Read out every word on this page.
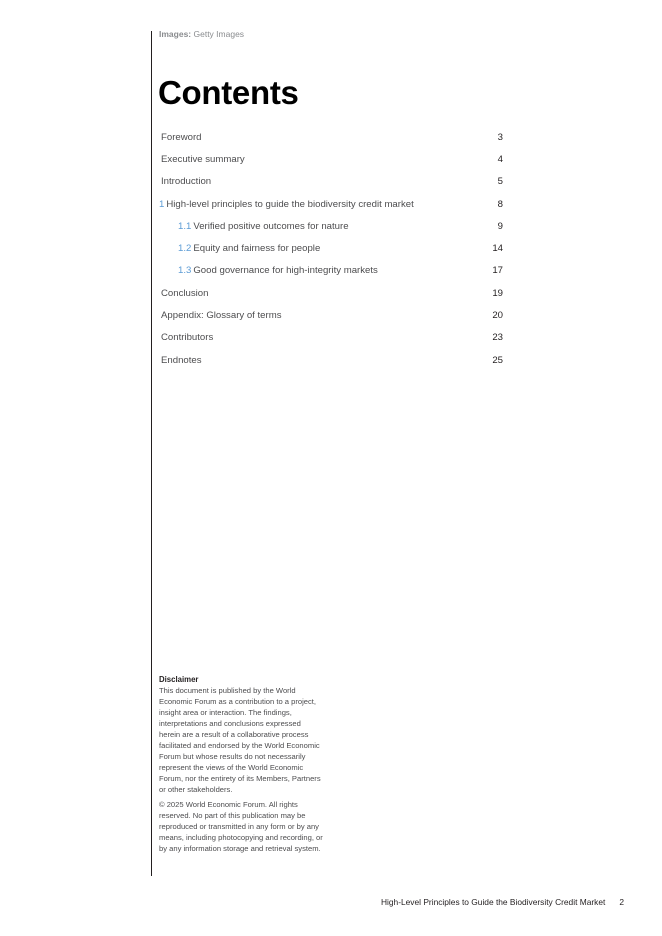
Images: Getty Images
Contents
Foreword	3
Executive summary	4
Introduction	5
1 High-level principles to guide the biodiversity credit market	8
1.1 Verified positive outcomes for nature	9
1.2 Equity and fairness for people	14
1.3 Good governance for high-integrity markets	17
Conclusion	19
Appendix: Glossary of terms	20
Contributors	23
Endnotes	25
Disclaimer

This document is published by the World Economic Forum as a contribution to a project, insight area or interaction. The findings, interpretations and conclusions expressed herein are a result of a collaborative process facilitated and endorsed by the World Economic Forum but whose results do not necessarily represent the views of the World Economic Forum, nor the entirety of its Members, Partners or other stakeholders.

© 2025 World Economic Forum. All rights reserved. No part of this publication may be reproduced or transmitted in any form or by any means, including photocopying and recording, or by any information storage and retrieval system.

High-Level Principles to Guide the Biodiversity Credit Market 2
